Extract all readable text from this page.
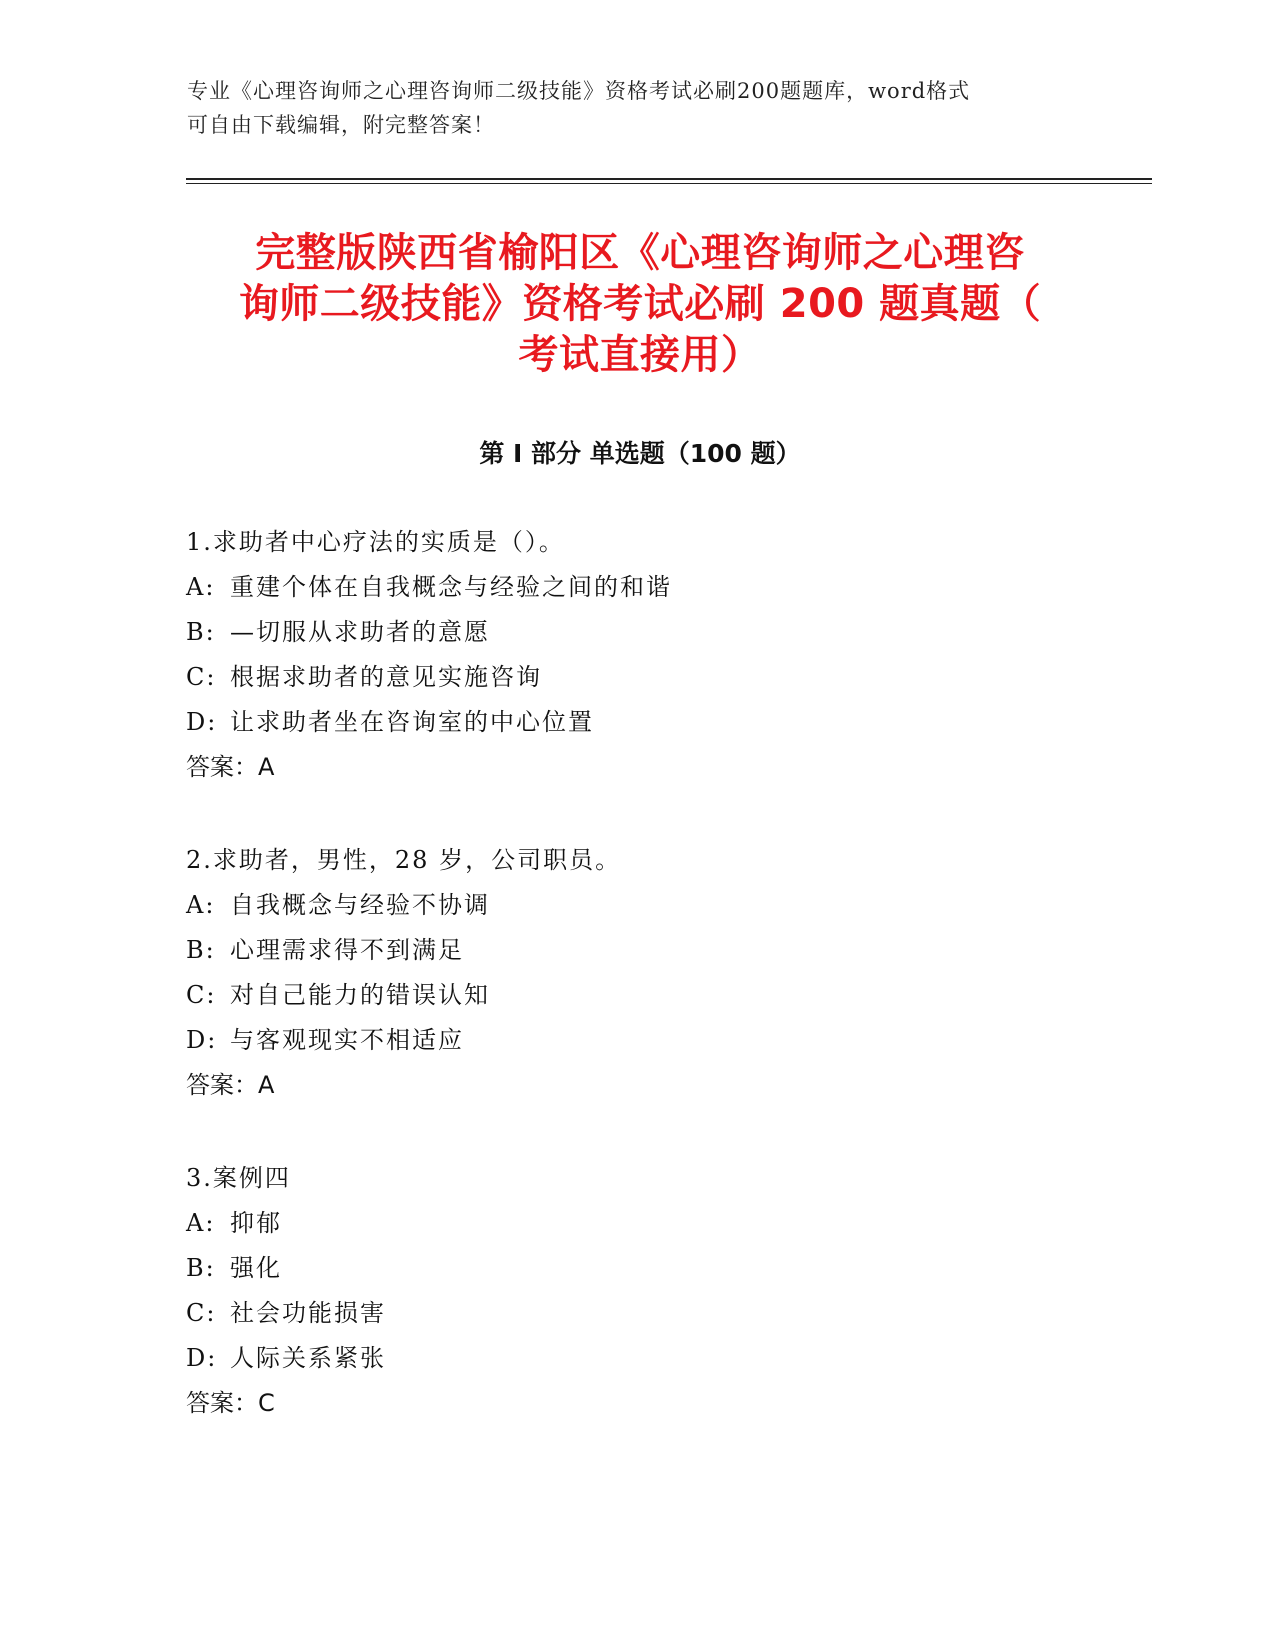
专业《心理咨询师之心理咨询师二级技能》资格考试必刷200题题库，word格式
可自由下载编辑，附完整答案！
完整版陕西省榆阳区《心理咨询师之心理咨
询师二级技能》资格考试必刷 200 题真题（
考试直接用）
第 I 部分 单选题（100 题）
1.求助者中心疗法的实质是（）。
A: 重建个体在自我概念与经验之间的和谐
B: —切服从求助者的意愿
C: 根据求助者的意见实施咨询
D: 让求助者坐在咨询室的中心位置
答案：A
2.求助者，男性，28 岁，公司职员。
A: 自我概念与经验不协调
B: 心理需求得不到满足
C: 对自己能力的错误认知
D: 与客观现实不相适应
答案：A
3.案例四
A: 抑郁
B: 强化
C: 社会功能损害
D: 人际关系紧张
答案：C
